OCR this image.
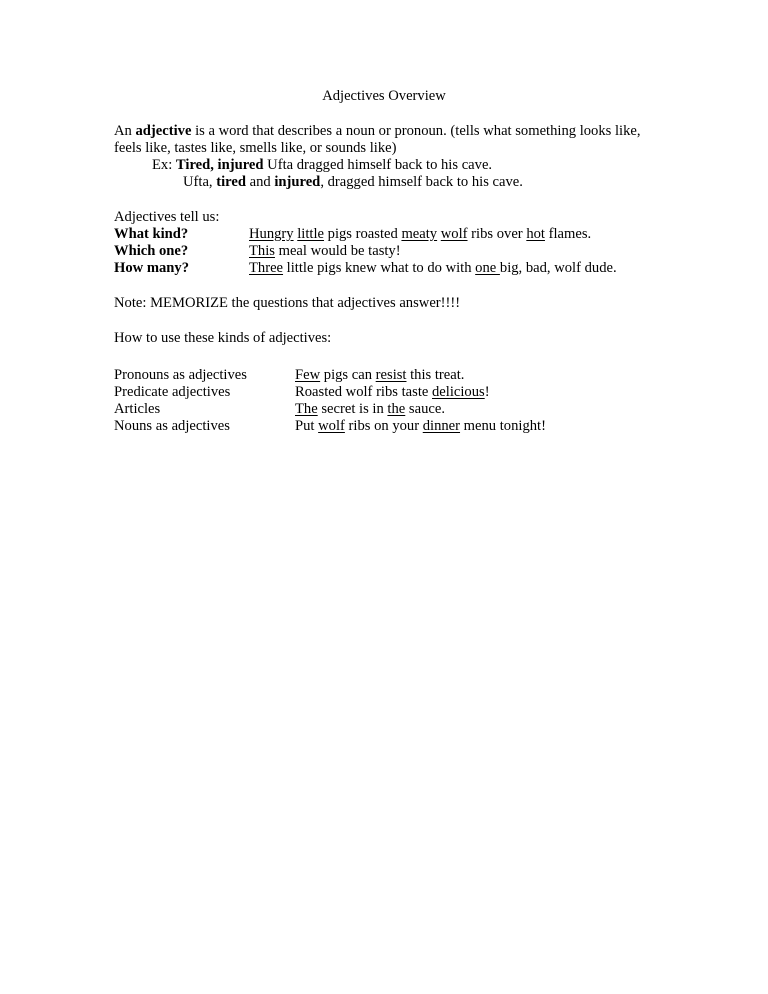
Adjectives Overview
An adjective is a word that describes a noun or pronoun. (tells what something looks like,
feels like, tastes like, smells like, or sounds like)
Ex: Tired, injured Ufta dragged himself back to his cave.
Ufta, tired and injured, dragged himself back to his cave.
Adjectives tell us:
What kind?	Hungry little pigs roasted meaty wolf ribs over hot flames.
Which one?	This meal would be tasty!
How many?	Three little pigs knew what to do with one big, bad, wolf dude.
Note: MEMORIZE the questions that adjectives answer!!!!
How to use these kinds of adjectives:
Pronouns as adjectives	Few pigs can resist this treat.
Predicate adjectives	Roasted wolf ribs taste delicious!
Articles	The secret is in the sauce.
Nouns as adjectives	Put wolf ribs on your dinner menu tonight!
